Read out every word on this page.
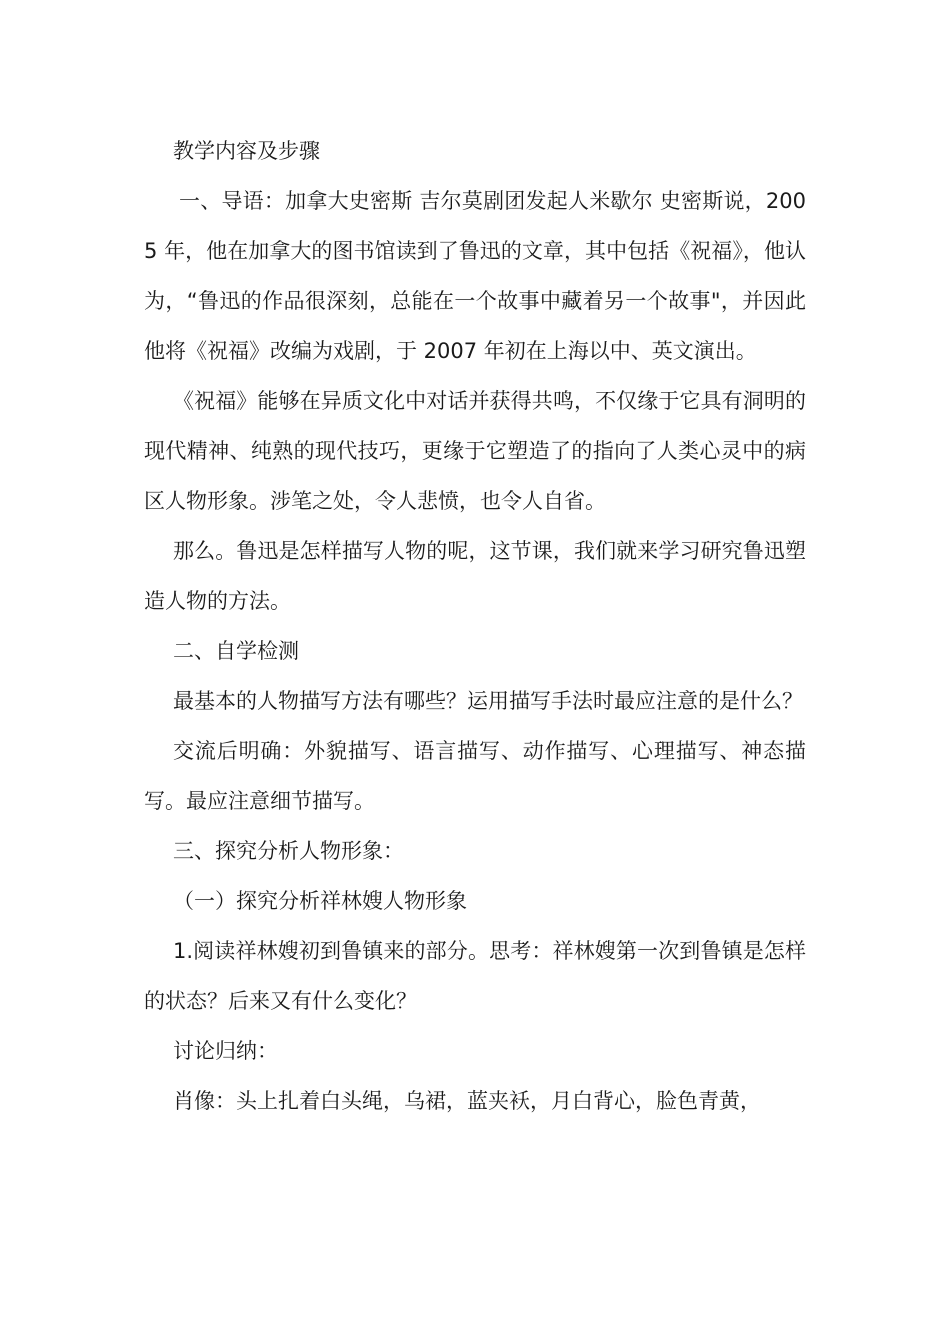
教学内容及步骤

一、导语：加拿大史密斯 吉尔莫剧团发起人米歇尔 史密斯说，2005 年，他在加拿大的图书馆读到了鲁迅的文章，其中包括《祝福》，他认为，“鲁迅的作品很深刻，总能在一个故事中藏着另一个故事"，并因此他将《祝福》改编为戏剧，于 2007 年初在上海以中、英文演出。

《祝福》能够在异质文化中对话并获得共鸣，不仅缘于它具有洞明的现代精神、纯熟的现代技巧，更缘于它塑造了的指向了人类心灵中的病区人物形象。涉笔之处，令人悲愤，也令人自省。

那么。鲁迅是怎样描写人物的呢，这节课，我们就来学习研究鲁迅塑造人物的方法。

二、自学检测

最基本的人物描写方法有哪些？运用描写手法时最应注意的是什么？

交流后明确：外貌描写、语言描写、动作描写、心理描写、神态描写。最应注意细节描写。

三、探究分析人物形象：

（一）探究分析祥林嫂人物形象

1.阅读祥林嫂初到鲁镇来的部分。思考：祥林嫂第一次到鲁镇是怎样的状态？后来又有什么变化？

讨论归纳：

肖像：头上扎着白头绳，乌裙，蓝夹袄，月白背心，脸色青黄，
